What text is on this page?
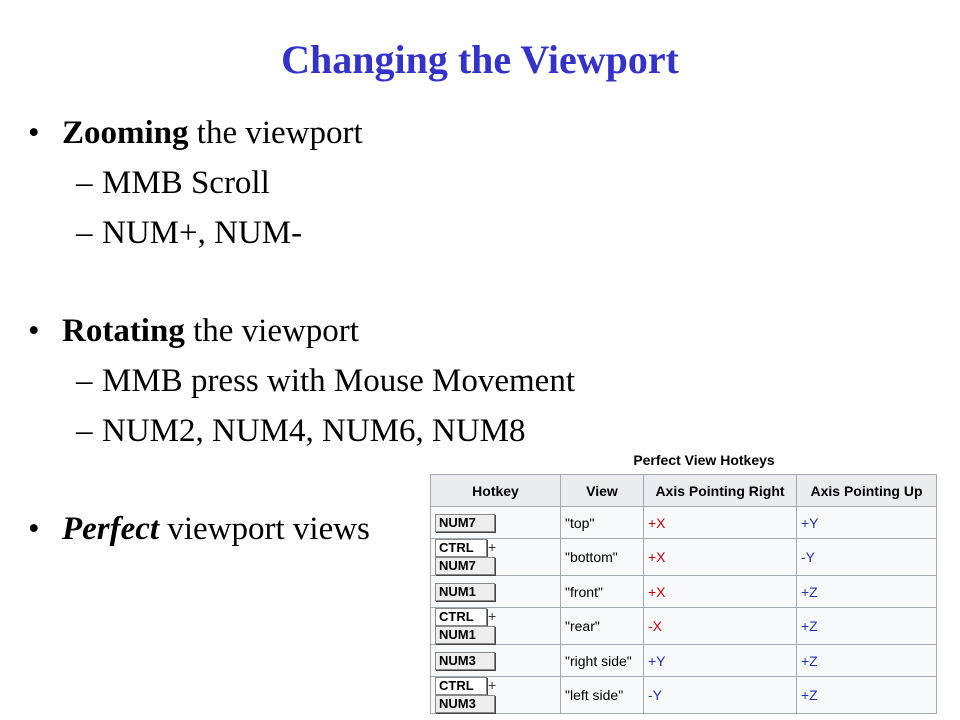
Changing the Viewport
• Zooming the viewport
– MMB Scroll
– NUM+, NUM-
• Rotating the viewport
– MMB press with Mouse Movement
– NUM2, NUM4, NUM6, NUM8
• Perfect viewport views
Perfect View Hotkeys
Hotkey	View	Axis Pointing Right	Axis Pointing Up
NUM7	"top"	+X	+Y
CTRL +NUM7	"bottom"	+X	-Y
NUM1	"front"	+X	+Z
CTRL +NUM1	"rear"	-X	+Z
NUM3	"right side"	+Y	+Z
CTRL +NUM3	"left side"	-Y	+Z
